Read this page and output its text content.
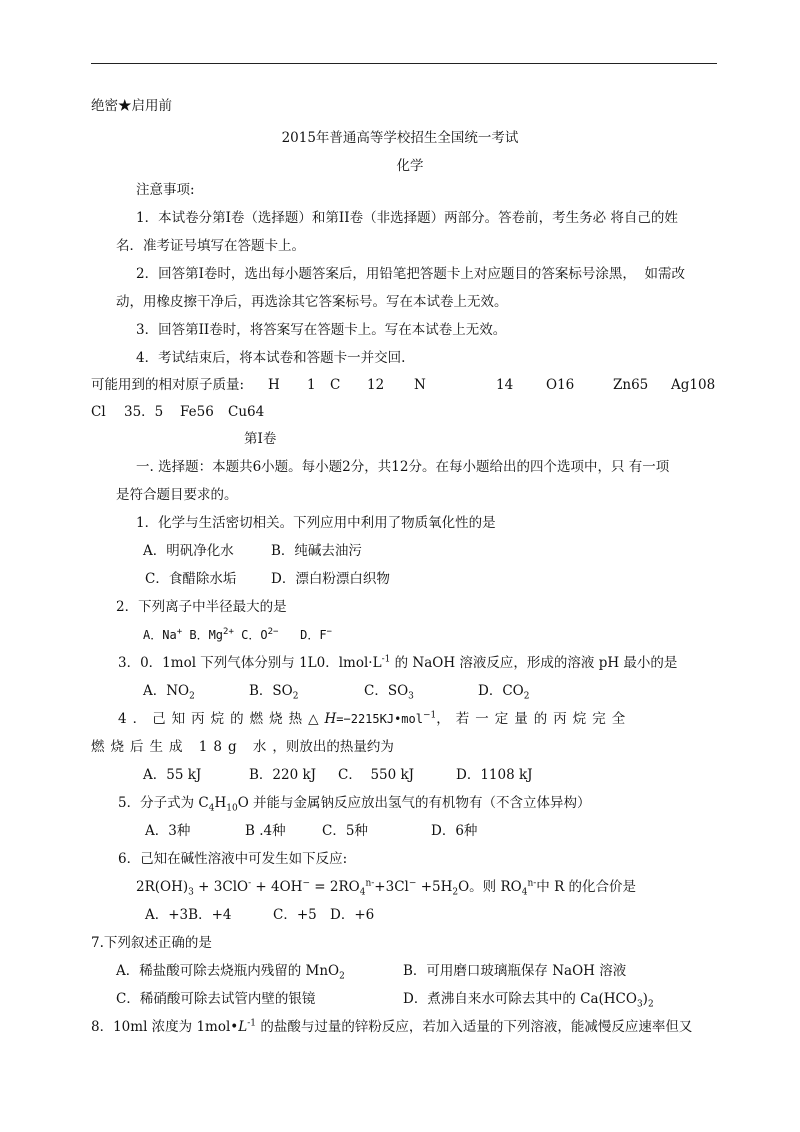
绝密★启用前
2015年普通高等学校招生全国统一考试
化学
注意事项:
1．本试卷分第Ⅰ卷（选择题）和第II卷（非选择题）两部分。答卷前，考生务必 将自己的姓
名．准考证号填写在答题卡上。
2．回答第Ⅰ卷时，选出每小题答案后，用铅笔把答题卡上对应题目的答案标号涂黑，  如需改
动，用橡皮擦干净后，再选涂其它答案标号。写在本试卷上无效。
3．回答第II卷时，将答案写在答题卡上。写在本试卷上无效。
4．考试结束后，将本试卷和答题卡一并交回.
可能用到的相对原子质量: H 1 C 12 N	14 O16	Zn65 Ag108
Cl 35．5 Fe56 Cu64
第Ⅰ卷
一. 选择题：本题共6小题。每小题2分，共12分。在每小题给出的四个选项中，只 有一项
是符合题目要求的。
1．化学与生活密切相关。下列应用中利用了物质氧化性的是
A．明矾净化水	B．纯碱去油污
C．食醋除水垢	D．漂白粉漂白织物
2．下列离子中半径最大的是
A．Na+ B．$Mg^{2+}$ C．$O^{2-}$ D．F−
3．0．1mol 下列气体分别与 1L0．$lmol\cdot L^{-1}$ 的 NaOH 溶液反应，形成的溶液 pH 最小的是
A．$NO_2$	B．$SO_2$	C．$SO_3$	D．$CO_2$
4．己知丙烷的燃烧热△H=−2215KJ•mol$^{-1}$，若一定量的丙烷完全
燃烧后生成 18g 水，则放出的热量约为
A．55 kJ	B．220 kJ C． 550 kJ	D．1108 kJ
5．分子式为 $C_4H_{10}O$ 并能与金属钠反应放出氢气的有机物有（不含立体异构）
A．3种	B .4种	C．5种	D．6种
6．己知在碱性溶液中可发生如下反应:
$2R(OH)_3 + 3ClO^- + 4OH^- = 2RO_4^{n-}+3Cl^- +5H_2O$。则 $RO_4^{n-}$中 R 的化合价是
A．+3B．+4	C．+5 D．+6
7.下列叙述正确的是
A．稀盐酸可除去烧瓶内残留的 MnO$_2$	B．可用磨口玻璃瓶保存 NaOH 溶液
C．稀硝酸可除去试管内壁的银镜	D．煮沸自来水可除去其中的 $Ca(HCO_3)_2$
8．10ml 浓度为 $1mol•L^{-1}$ 的盐酸与过量的锌粉反应，若加入适量的下列溶液，能减慢反应速率但又
